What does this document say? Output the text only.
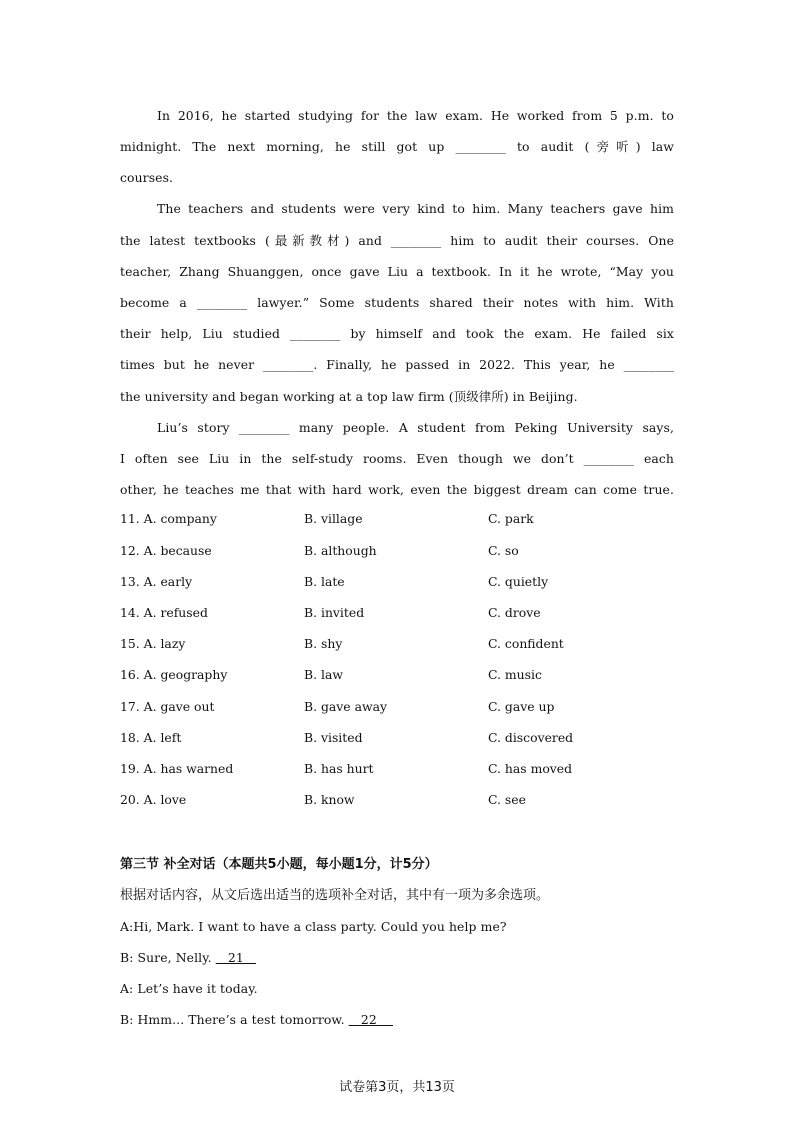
In 2016, he started studying for the law exam. He worked from 5 p.m. to
midnight. The next morning, he still got up ________ to audit (旁听) law
courses.
The teachers and students were very kind to him. Many teachers gave him
the latest textbooks (最新教材) and ________ him to audit their courses. One
teacher, Zhang Shuanggen, once gave Liu a textbook. In it he wrote, “May you
become a ________ lawyer.” Some students shared their notes with him. With
their help, Liu studied ________ by himself and took the exam. He failed six
times but he never ________. Finally, he passed in 2022. This year, he ________
the university and began working at a top law firm (顶级律所) in Beijing.
Liu’s story ________ many people. A student from Peking University says,
I often see Liu in the self-study rooms. Even though we don’t ________ each
other, he teaches me that with hard work, even the biggest dream can come true.
11. A. company	B. village	C. park
12. A. because	B. although	C. so
13. A. early	B. late	C. quietly
14. A. refused	B. invited	C. drove
15. A. lazy	B. shy	C. confident
16. A. geography	B. law	C. music
17. A. gave out	B. gave away	C. gave up
18. A. left	B. visited	C. discovered
19. A. has warned	B. has hurt	C. has moved
20. A. love	B. know	C. see
第三节 补全对话（本题共5小题，每小题1分，计5分）
根据对话内容，从文后选出适当的选项补全对话，其中有一项为多余选项。
A:Hi, Mark. I want to have a class party. Could you help me?
B: Sure, Nelly.    21
A: Let’s have it today.
B: Hmm... There’s a test tomorrow.    22
试卷第3页，共13页
